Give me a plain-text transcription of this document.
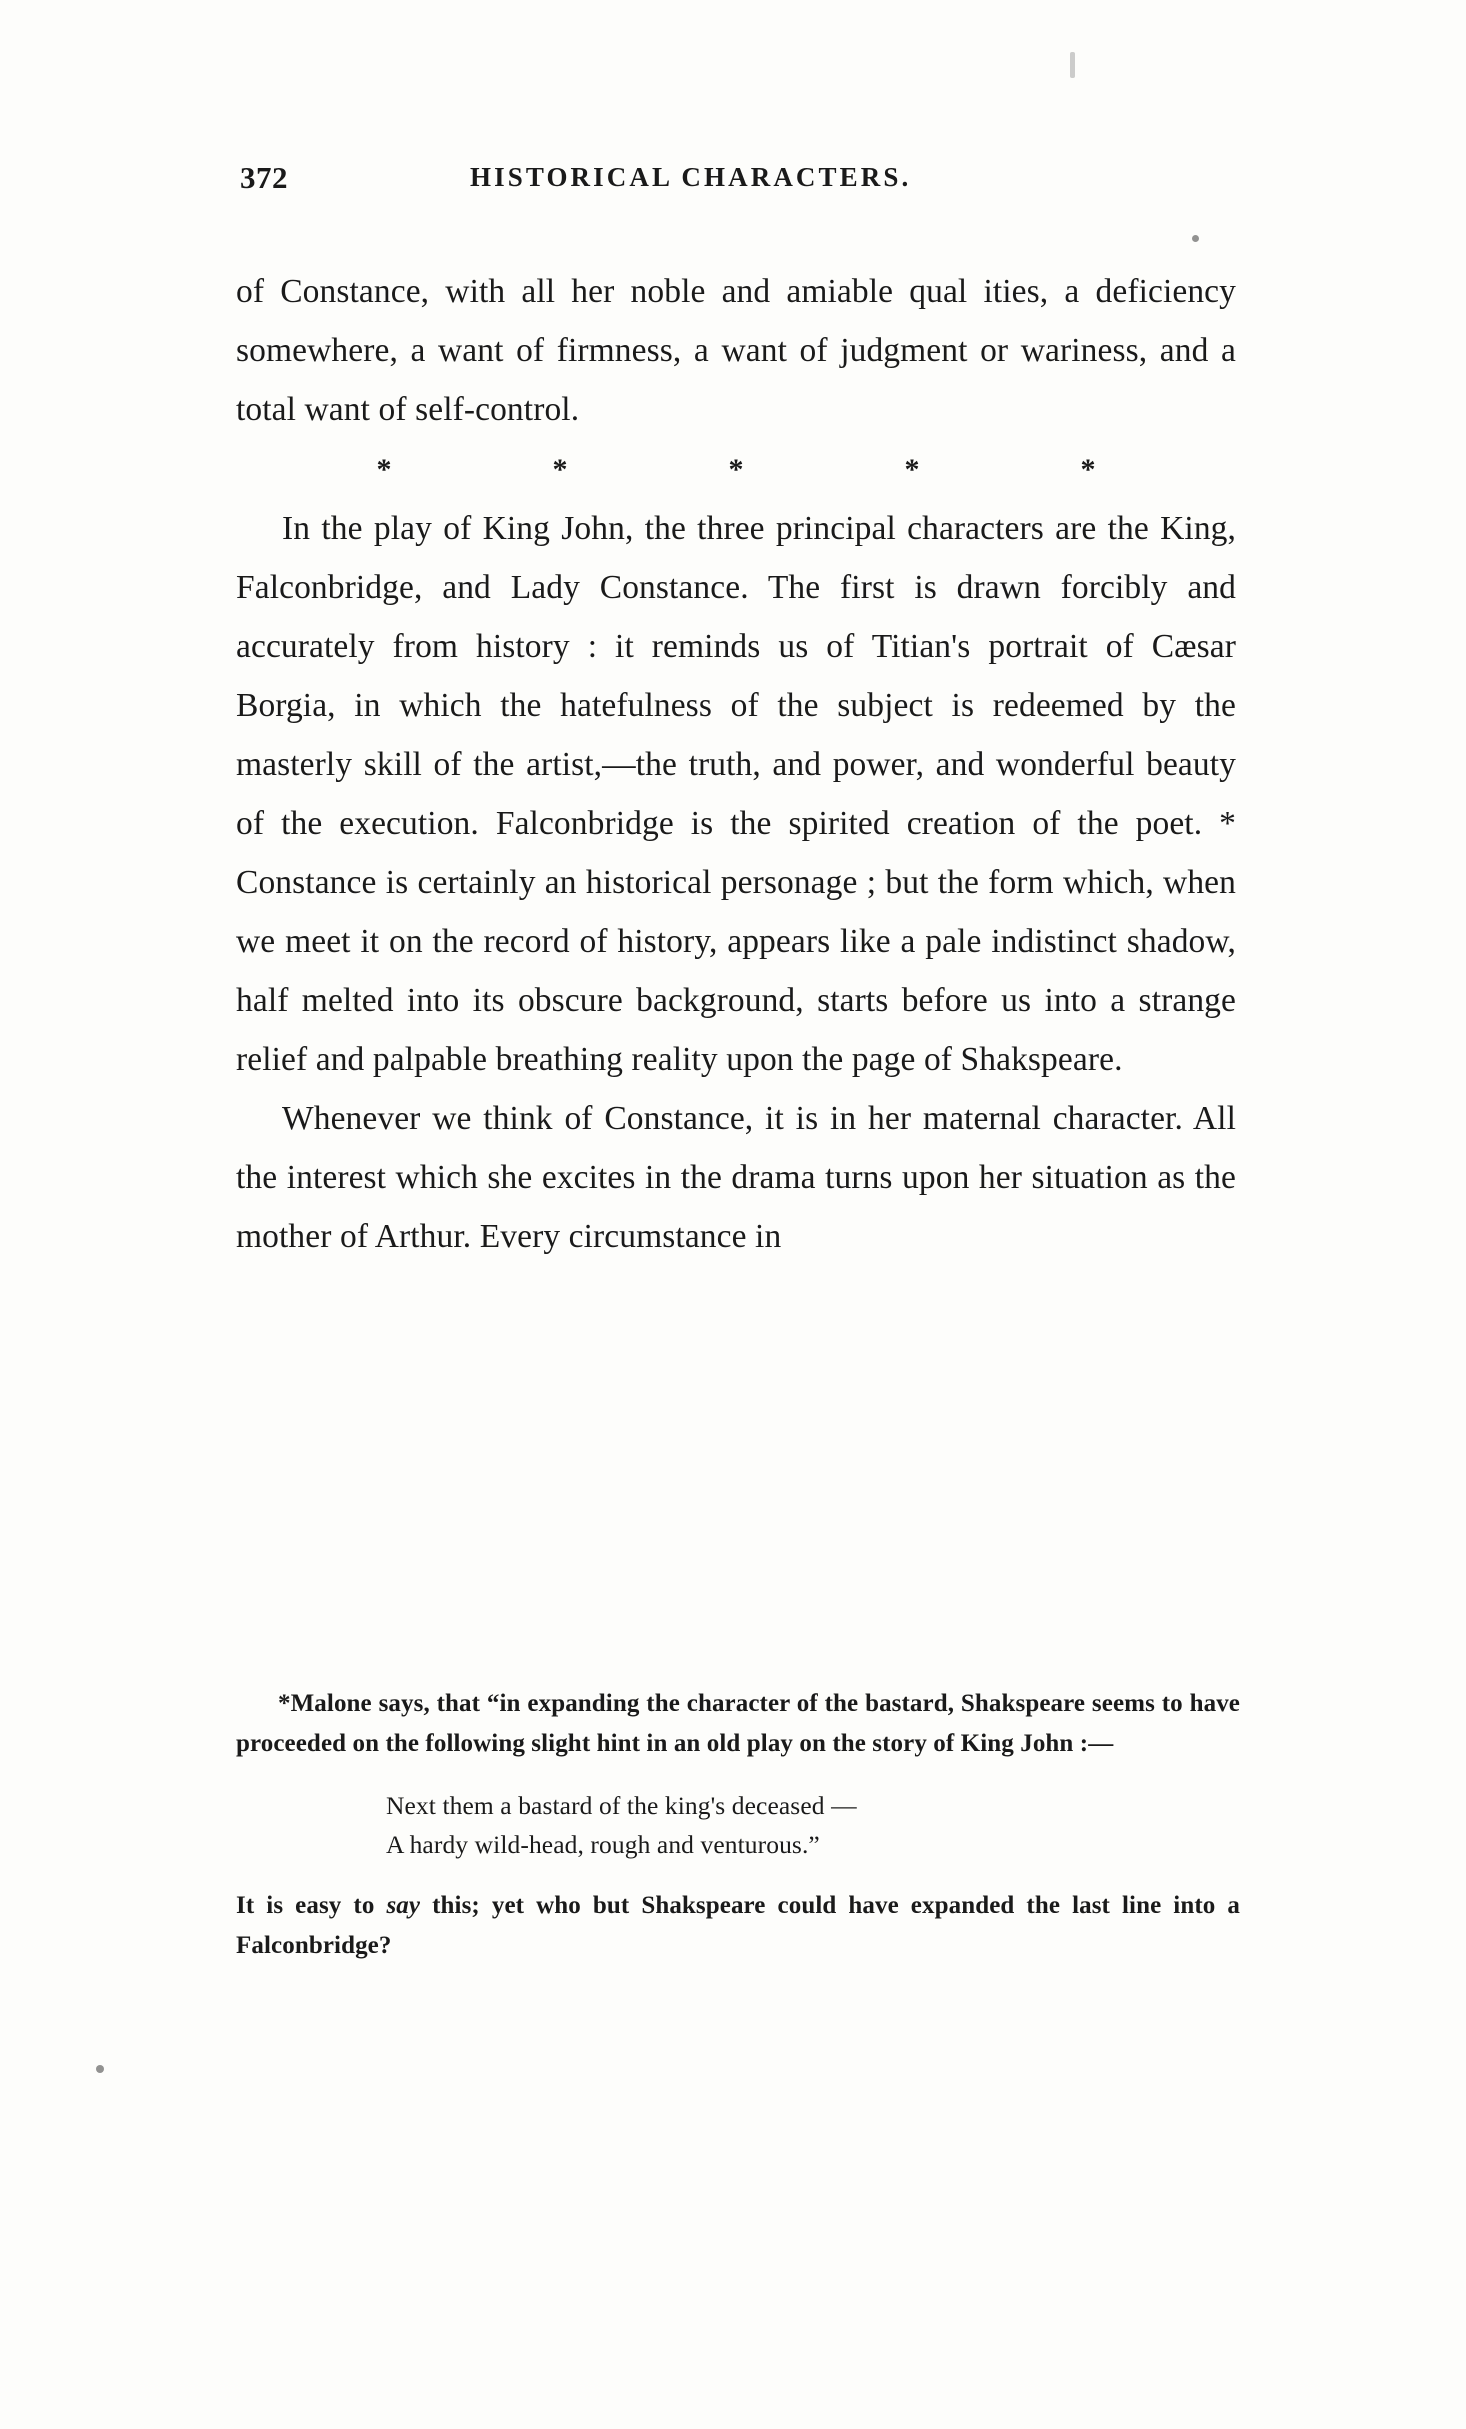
372	HISTORICAL CHARACTERS.

of Constance, with all her noble and amiable qual ities, a deficiency somewhere, a want of firmness, a want of judgment or wariness, and a total want of self-control.

*	*	*	*	*

In the play of King John, the three principal characters are the King, Falconbridge, and Lady Constance. The first is drawn forcibly and accurately from history : it reminds us of Titian's portrait of Cæsar Borgia, in which the hatefulness of the subject is redeemed by the masterly skill of the artist,—the truth, and power, and wonderful beauty of the execution. Falconbridge is the spirited creation of the poet. * Constance is certainly an historical personage ; but the form which, when we meet it on the record of history, appears like a pale indistinct shadow, half melted into its obscure background, starts before us into a strange relief and palpable breathing reality upon the page of Shakspeare.

Whenever we think of Constance, it is in her maternal character. All the interest which she excites in the drama turns upon her situation as the mother of Arthur. Every circumstance in

*Malone says, that “in expanding the character of the bastard, Shakspeare seems to have proceeded on the following slight hint in an old play on the story of King John :—

Next them a bastard of the king's deceased —
A hardy wild-head, rough and venturous.”

It is easy to say this; yet who but Shakspeare could have expanded the last line into a Falconbridge?
